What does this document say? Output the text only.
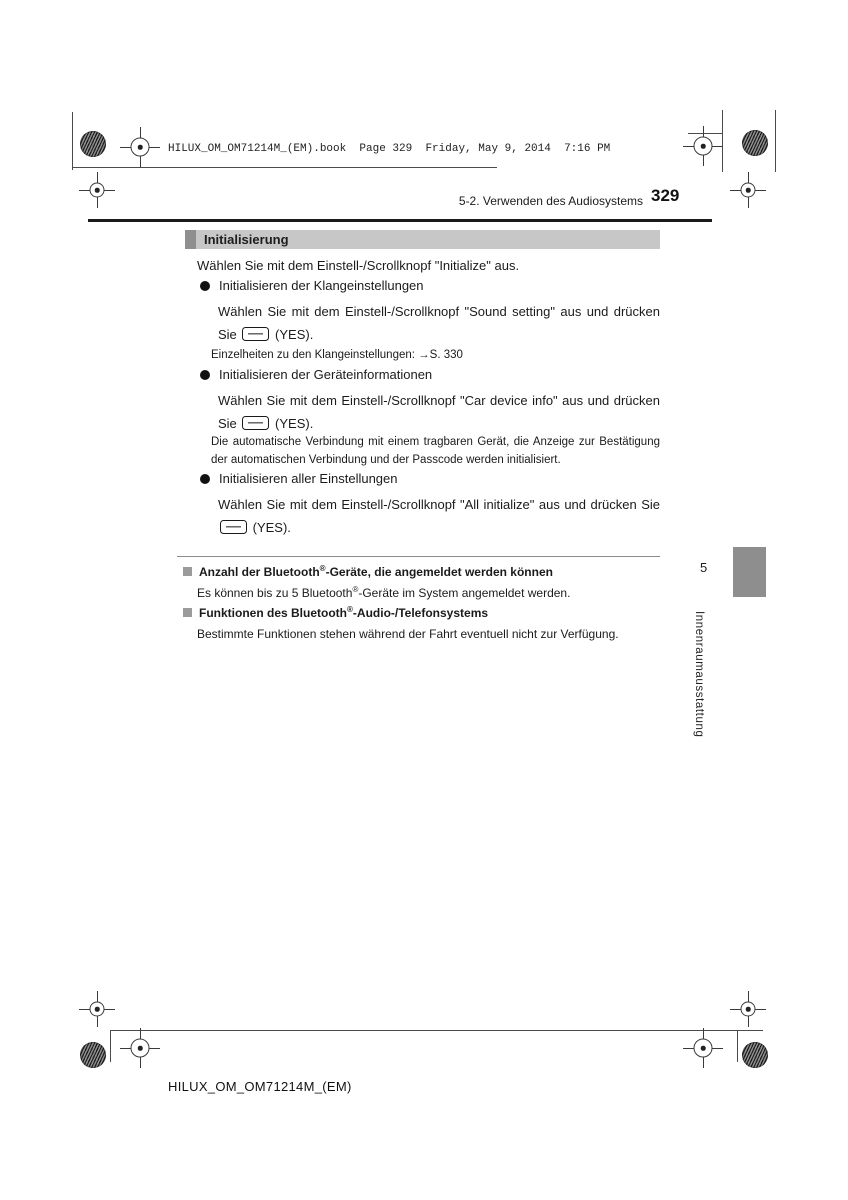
HILUX_OM_OM71214M_(EM).book  Page 329  Friday, May 9, 2014  7:16 PM
329
5-2. Verwenden des Audiosystems
Initialisierung

Wählen Sie mit dem Einstell-/Scrollknopf "Initialize" aus.

Initialisieren der Klangeinstellungen

Wählen Sie mit dem Einstell-/Scrollknopf "Sound setting" aus und drücken Sie	(YES).

Einzelheiten zu den Klangeinstellungen: →S. 330

Initialisieren der Geräteinformationen

Wählen Sie mit dem Einstell-/Scrollknopf "Car device info" aus und drücken Sie	(YES).

Die automatische Verbindung mit einem tragbaren Gerät, die Anzeige zur Bestätigung der automatischen Verbindung und der Passcode werden initialisiert.

Initialisieren aller Einstellungen

Wählen Sie mit dem Einstell-/Scrollknopf "All initialize" aus und drücken Sie  (YES).

Anzahl der Bluetooth®-Geräte, die angemeldet werden können
Es können bis zu 5 Bluetooth®-Geräte im System angemeldet werden.
Funktionen des Bluetooth®-Audio-/Telefonsystems
Bestimmte Funktionen stehen während der Fahrt eventuell nicht zur Verfügung.
5
Innenraumausstattung
HILUX_OM_OM71214M_(EM)
